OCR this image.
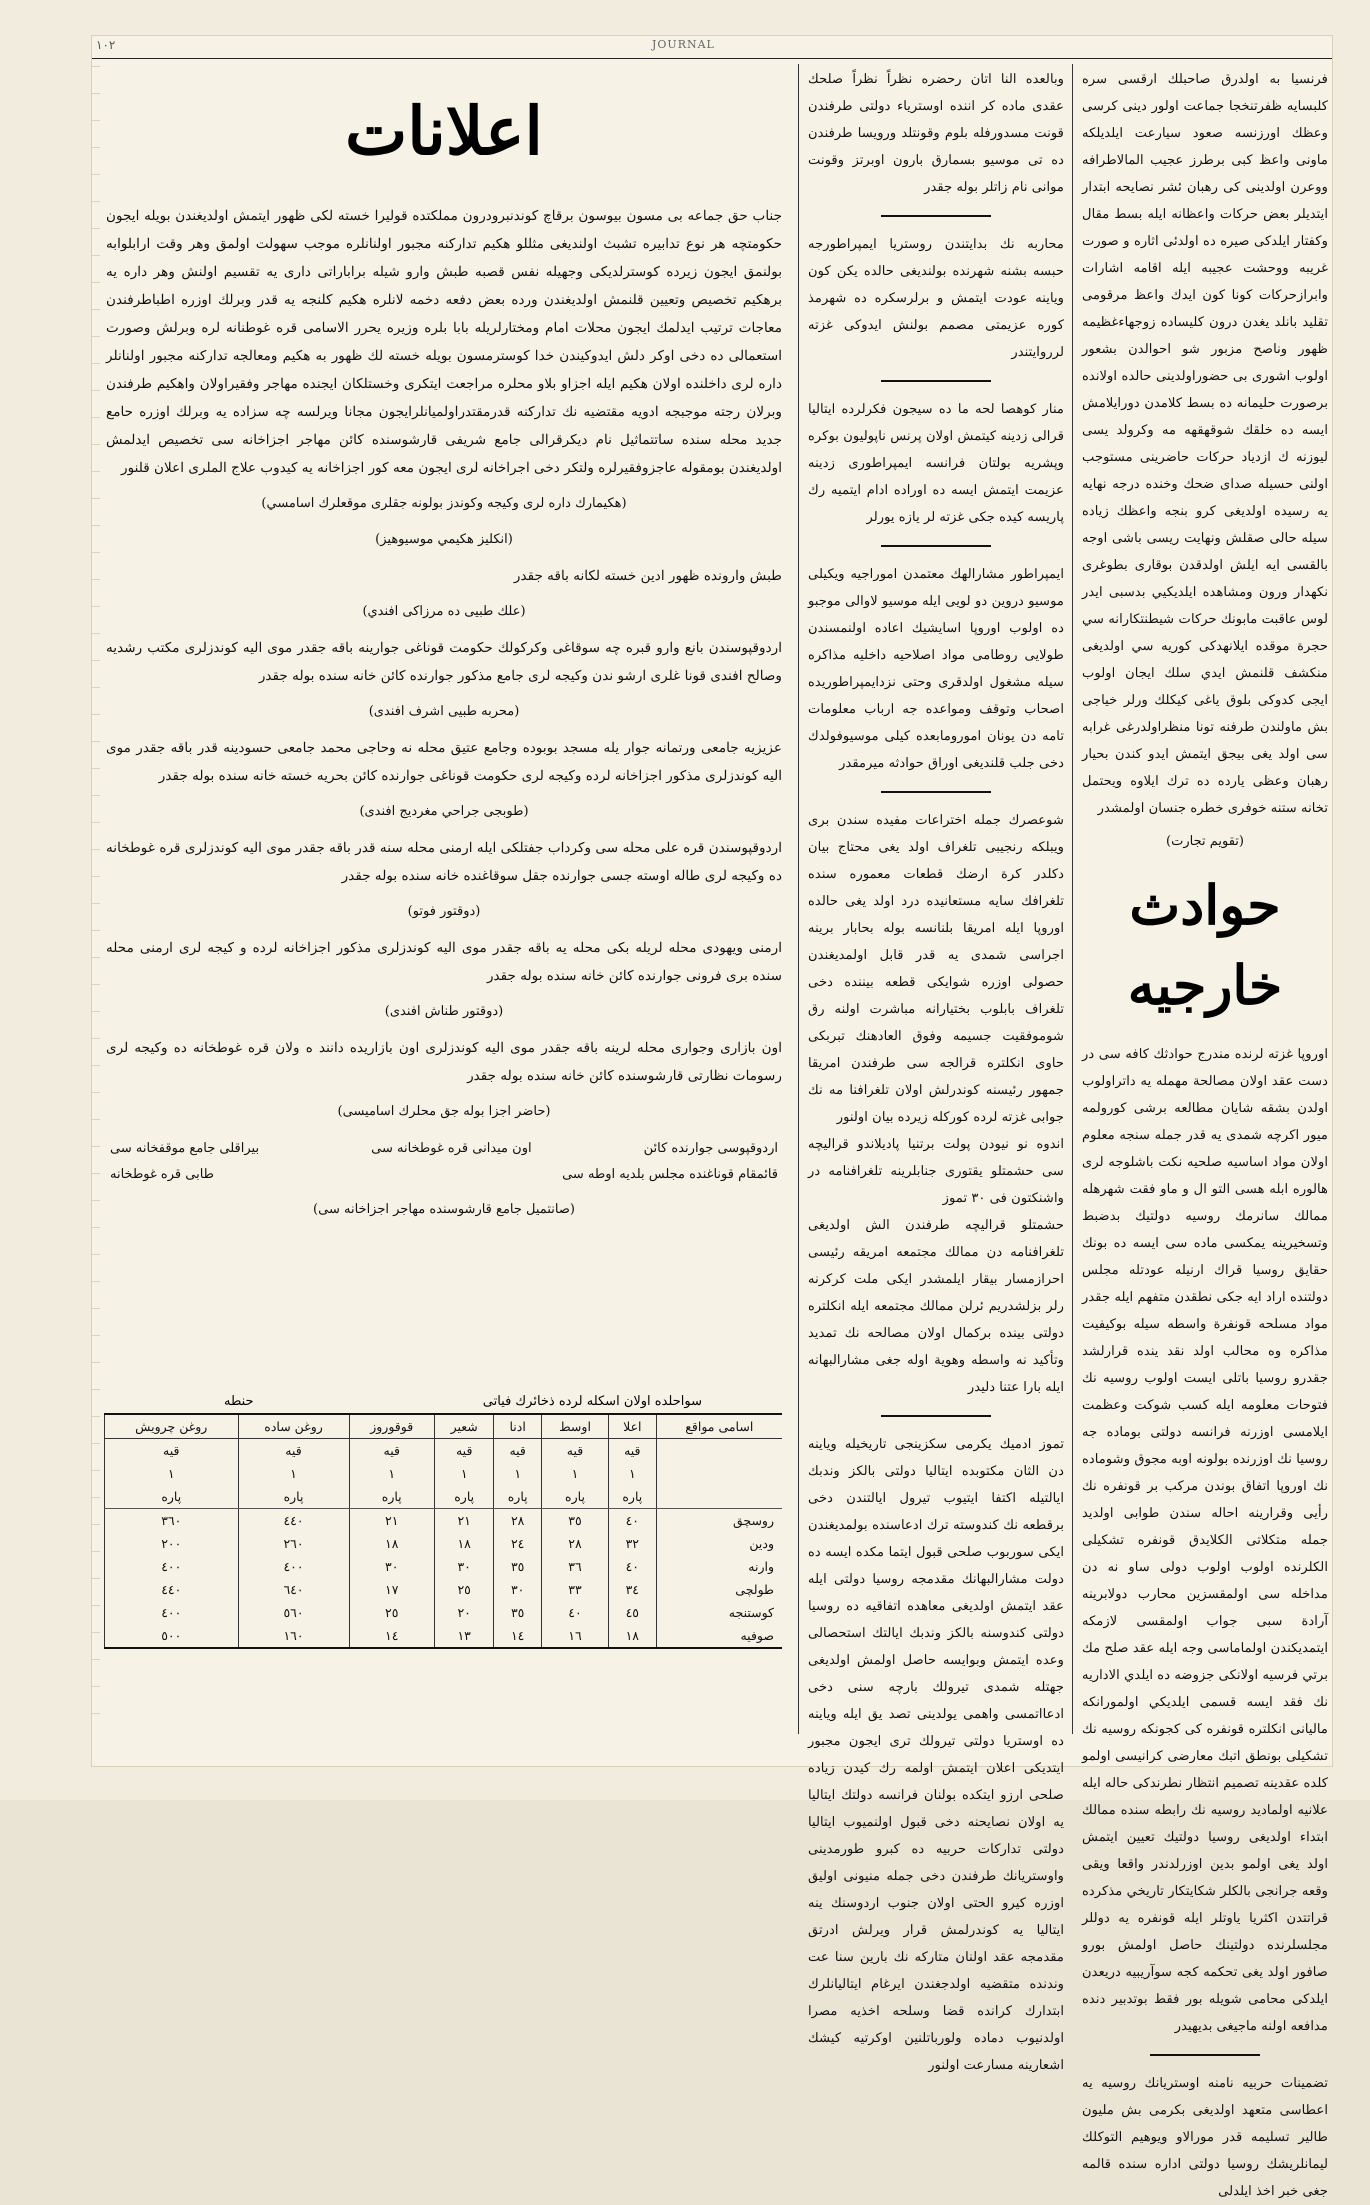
١٠٢	JOURNAL

فرنسيا به اولدرق صاحبلك ارقسى سره كلبسايه ظفرتنخجا جماعت اولور دينى كرسى وعظك اورزنسه صعود سيارعت ايلديلكه ماونى واعظ كبى برطرز عجيب المالاطرافه ووعرن اولدينى كى رهبان ئشر نصايحه ابتدار ايتديلر بعض حركات واعظانه ايله بسط مقال وكفتار ايلدكى صيره ده اولدئى اثاره و صورت غريبه ووحشت عجيبه ايله اقامه اشارات وابرازحركات كونا كون ايدك واعظ مرقومى تقليد بانلد يغدن درون كليساده زوجهاءغظيمه ظهور وناصح مزبور شو احوالدن بشعور اولوب اشورى بى حضوراولدينى حالده اولانده برصورت حليمانه ده بسط كلامدن دورايلامش ايسه ده خلقك شوقهقهه مه وكرولد يسى ليوزنه ك ازدياد حركات حاضرينى مستوجب اولنى حسيله صداى ضحك وخنده درجه نهايه يه رسيده اولديغى كرو بنجه واعظك زياده سيله حالى صقلش ونهايت ريسى باشى اوجه بالقسى ايه ايلش اولدقدن بوقارى بطوغرى نكهدار ورون ومشاهده ايلديكيي بدسبى ايدر لوس عاقبت مابونك حركات شيطنتكارانه سي حجرة موقده ايلانهدكى كوريه سي اولديغى منكشف قلنمش ايدي سلك ايجان اولوب ايجى كدوكى بلوق ياغى كيكلك ورلر خياجى بش ماولندن طرفنه تونا منظراولدرغى غرابه سى اولد يغى بيجق ايتمش ايدو كندن بحيار رهبان وعظى يارده ده ترك ايلاوه ويحتمل تخانه ستنه خوفرى خطره جنسان اولمشدر

(تقويم تجارت)
حوادث خارجيه

اوروپا غزته لرنده مندرج حوادثك كافه سى در دست عقد اولان مصالحة مهمله يه داتراولوب اولدن بشقه شايان مطالعه برشى كورولمه ميور اكرچه شمدى يه قدر جمله سنجه معلوم اولان مواد اساسيه صلحيه نكت باشلوجه لرى هالوره ابله هسى التو ال و ماو فقت شهرهله ممالك سانرمك روسيه دولتيك بدضبط وتسخيرينه يمكسى ماده سى ايسه ده بونك حقايق روسيا قراك ارنيله عودتله مجلس دولتنده اراد ايه جكى نطقدن متفهم ايله جقدر مواد مسلحه قونفرة واسطه سيله بوكيفيت مذاكره وه محالب اولد نقد ينده قرارلشد جقدرو روسيا باتلى ايست اولوب روسيه نك فتوحات معلومه ايله كسب شوكت وعظمت ايلامسى اوزرنه فرانسه دولتى بوماده جه روسيا نك اوزرنده بولونه اوبه مجوق وشوماده نك اوروپا اتفاق بوندن مركب بر قونفره نك رأيى وقرارينه احاله سندن طوابى اولديد جمله متكلاتى الكلايدق قونفره تشكيلى الكلرنده اولوب اولوب دولى ساو نه دن مداخله سى اولمقسزين محارب دولابرينه آرادة سبى جواب اولمقسى لازمكه ايتمديكندن اولماماسى وجه ايله عقد صلح مك برتي فرسيه اولانكى جزوضه ده ايلدي الاداريه نك فقد ايسه قسمى ايلديكي اولمورانكه ماليانى انكلتره قونفره كى كجونكه روسيه نك تشكيلى بونطق اتبك معارضى كرانيسى اولمو كلده عقدينه تصميم انتظار نطرندكى حاله ايله علانيه اولماديد روسيه نك رابطه سنده ممالك ابتداء اولديغى روسيا دولتيك تعيين ايتمش اولد يغى اولمو بدين اوزرلدندر واقعا ويقى وقعه جرانجى بالكلر شكايتكار تاريخي مذكرده قراتتدن اكثريا ياوتلر ايله قونفره يه دوللر مجلسلرنده دولتينك حاصل اولمش بورو صافور اولد يغى تحكمه كجه سوآريبيه دريعدن ايلدكى محامى شويله بور فقط بوتدبير دنده مدافعه اولنه ماجيغى بديهيدر

تضمينات حربيه نامنه اوستريانك روسيه يه اعطاسى متعهد اولديغى بكرمى بش مليون طالير تسليمه قدر مورالاو ويوهيم التوكلك ليمانلريشك روسيا دولتى اداره سنده قالمه جغى خبر اخذ ايلدلى

وبالعده النا اتان رحضره نظراً نظراً صلحك عقدى ماده كر اننده اوسترياء دولتى طرفندن قونت مسدورفله بلوم وقونتلد ورويسا طرفندن ده تى موسيو بسمارق بارون اوبرتز وقونت موانى نام زاتلر بوله جقدر

محاربه نك بدايتندن روستريا ايمپراطورجه حبسه بشنه شهرنده بولنديغى حالده يكن كون وياينه عودت ايتمش و برلرسكره ده شهرمذ كوره عزيمتى مصمم بولنش ايدوكى غزته لرروايتندر

منار كوهصا لحه ما ده سيجون فكرلرده ايتاليا قرالى زدينه كيتمش اولان پرنس ناپوليون بوكره وپشريه بولتان فرانسه ايمپراطورى زدينه عزيمت ايتمش ايسه ده اوراده ادام ايتميه رك پاريسه كيده جكى غزته لر يازه يورلر

ايمپراطور مشارالهك معتمدن اموراجيه ويكيلى موسيو دروين دو لويى ايله موسيو لاوالى موجبو ده اولوب اوروپا اسايشيك اعاده اولنمسندن طولايى روطامى مواد اصلاحيه داخليه مذاكره سيله مشغول اولدقرى وحتى نزدايمپراطوريده اصحاب وتوقف ومواعده جه ارباب معلومات تامه دن يونان امورومابعده كيلى موسيوفولدك دخى جلب قلنديغى اوراق حوادثه ميرمقدر

شوعصرك جمله اختراعات مفيده سندن برى ويبلكه رنجيبى تلغراف اولد يغى محتاج بيان دكلدر كرة ارضك قطعات معموره سنده تلغرافك سايه مستعانيده درد اولد يغى حالده اوروپا ايله امريقا بلنانسه بوله بحابار برينه اجراسى شمدى يه قدر قابل اولمديغندن حصولى اوزره شوايكى قطعه بيننده دخى تلغراف بابلوب بختيارانه مباشرت اولنه رق شوموفقيت جسيمه وفوق العادهنك تبربكى حاوى انكلتره قرالجه سى طرفندن امريقا جمهور رئيسنه كوندرلش اولان تلغرافنا مه نك جوابى غزته لرده كوركله زيرده بيان اولنور

اندوه نو نيودن پولت برتنيا پاديلاندو قراليچه سى حشمتلو يقتورى جنابلرينه تلغرافنامه در واشنكتون فى ٣٠ تموز

حشمتلو قراليچه طرفندن الش اولديغى تلغرافنامه دن ممالك مجتمعه امريقه رئيسى احرازمسار بيقار ايلمشدر ايكى ملت كركرنه رلر بزلشدريم ئرلن ممالك مجتمعه ايله انكلتره دولتى بينده بركمال اولان مصالحه نك تمديد وتأكيد نه واسطه وهوية اوله جغى مشارالبهانه ايله بارا عتنا دليدر

تموز ادميك يكرمى سكزينجى تاريخيله وياينه دن الثان مكتوبده ايتاليا دولتى بالكز وندبك ايالتيله اكتفا ايتيوب تيرول ايالتندن دخى برقطعه نك كندوسته ترك ادعاسنده بولمديغندن ايكى سوربوب صلحى قبول ايتما مكده ايسه ده دولت مشارالبهانك مقدمجه روسيا دولتى ايله عقد ايتمش اولديغى معاهده اتفاقيه ده روسيا دولتى كندوسنه بالكز وندبك ايالتك استحصالى وعده ايتمش وبوايسه حاصل اولمش اولديغى جهتله شمدى تيرولك بارچه سنى دخى ادعااتمسى واهمى يولدينى تصد يق ايله وياينه ده اوستريا دولتى تيرولك ترى ايجون مجبور ايتديكى اعلان ايتمش اولمه رك كيدن زياده صلحى ارزو ايتكده بولنان فرانسه دولتك ايتاليا يه اولان نصايحنه دخى قبول اولنميوب ايتاليا دولتى تداركات حربيه ده كبرو طورمدينى واوستريانك طرفندن دخى جمله منيونى اوليق اوزره كيرو الحتى اولان جنوب اردوسنك ينه ايتاليا يه كوندرلمش قرار ويرلش ادرتق مقدمجه عقد اولنان متاركه نك بارين سنا عت وندنده متقضيه اولدجغندن ايرغام ايتاليانلرك ابتدارك كرانده قضا وسلحه اخذيه مصرا اولدنيوب دماده ولورباتلنين اوكرتيه كيشك اشعارينه مسارعت اولنور

اعلانات

جناب حق جماعه بى مسون بيوسون برقاچ كوندنبرودرون مملكتده قوليرا خسته لكى ظهور ايتمش اولديغندن بويله ايجون حكومتچه هر نوع تدابيره تشبث اولنديغى مثللو هكيم تداركنه مجبور اولنانلره موجب سهولت اولمق وهر وقت ارابلوابه بولنمق ايجون زيرده كوسترلديكى وجهيله نفس قصبه طبش وارو شيله براباراتى دارى يه تقسيم اولنش وهر داره يه برهكيم تخصيص وتعيين قلنمش اولديغندن ورده بعض دفعه دخمه لانلره هكيم كلنجه يه قدر وبرلك اوزره اطباطرفندن معاجات ترتيب ايدلمك ايجون محلات امام ومختارلريله بابا بلره وزيره يحرر الاسامى قره غوطنانه لره وبرلش وصورت استعمالى ده دخى اوكر دلش ايدوكيندن خدا كوسترمسون بويله خسته لك ظهور به هكيم ومعالجه تداركنه مجبور اولنانلر داره لرى داخلنده اولان هكيم ايله اجزاو بلاو محلره مراجعت ايتكرى وخستلكان ايجنده مهاجر وفقيراولان واهكيم طرفندن وبرلان رجته موجبجه ادويه مقتضيه نك تداركنه قدرمقتدراولميانلرايجون مجانا ويرلسه چه سزاده يه وبرلك اوزره حامع جديد محله سنده ساتتماثيل نام ديكرقرالى جامع شريفى قارشوسنده كائن مهاجر اجزاخانه سى تخصيص ايدلمش اولديغندن بومقوله عاجزوفقيرلره ولتكر دخى اجراخانه لرى ايجون معه كور اجزاخانه يه كيدوب علاج الملرى اعلان قلنور

(هكيمارك داره لرى وكيجه وكوندز بولونه جقلرى موقعلرك اسامسي)
(انكليز هكيمي موسيوهيز)

طبش وارونده ظهور ادين خسته لكانه باقه جقدر

(علك طبيى ده مرزاكى افندي)

اردوقپوسندن بانع وارو قبره چه سوقاغى وكركولك حكومت قوناغى جوارينه باقه جقدر موى اليه كوندزلرى مكتب رشديه وصالح افندى قونا غلرى ارشو ندن وكيجه لرى جامع مذكور جوارنده كائن خانه سنده بوله جقدر

(محربه طبيى اشرف افندى)

عزيزيه جامعى ورتمانه جوار يله مسجد بوبوده وجامع عتيق محله نه وحاجى محمد جامعى حسودينه قدر باقه جقدر موى اليه كوندزلرى مذكور اجزاخانه لرده وكيجه لرى حكومت قوناغى جوارنده كائن بحريه خسته خانه سنده بوله جقدر

(طوبجى جراحي مغرديج افندى)

اردوقپوسندن قره على محله سى وكرداب جفتلكى ايله ارمنى محله سنه قدر باقه جقدر موى اليه كوندزلرى قره غوطخانه ده وكيجه لرى طاله اوسته جسى جوارنده جقل سوقاغنده خانه سنده بوله جقدر

(دوقتور فوتو)

ارمنى ويهودى محله لريله بكى محله يه باقه جقدر موى اليه كوندزلرى مذكور اجزاخانه لرده و كيجه لرى ارمنى محله سنده برى فرونى جوارنده كائن خانه سنده بوله جقدر

(دوقتور طناش افندى)

اون بازارى وجوارى محله لرينه باقه جقدر موى اليه كوندزلرى اون بازاريده دانند ه ولان قره غوطخانه ده وكيجه لرى رسومات نظارتى قارشوسنده كائن خانه سنده بوله جقدر

(حاضر اجزا بوله جق محلرك اساميسى)
اردوقپوسى جوارنده كائن
اون ميدانى قره غوطخانه سى
بيراقلى جامع موقفخانه سى
قائمقام قوناغنده مجلس بلديه اوطه سى
طابى قره غوطخانه
(صانتميل جامع قارشوسنده مهاجر اجزاخانه سى)
سواحلده اولان اسكله لرده ذخائرك فياتى
حنطه
اسامى مواقع	اعلا	اوسط	ادنا	شعير	قوقوروز	روغن ساده	روغن چرويش
	قيه	قيه	قيه	قيه	قيه	قيه	قيه
	١	١	١	١	١	١	١
	پاره	پاره	پاره	پاره	پاره	پاره	پاره
روسچق	٤٠	٣٥	٢٨	٢١	٢١	٤٤٠	٣٦٠
ودين	٣٢	٢٨	٢٤	١٨	١٨	٢٦٠	٢٠٠
وارنه	٤٠	٣٦	٣٥	٣٠	٣٠	٤٠٠	٤٠٠
طولچى	٣٤	٣٣	٣٠	٢٥	١٧	٦٤٠	٤٤٠
كوستنجه	٤٥	٤٠	٣٥	٢٠	٢٥	٥٦٠	٤٠٠
صوفيه	١٨	١٦	١٤	١٣	١٤	١٦٠	٥٠٠
